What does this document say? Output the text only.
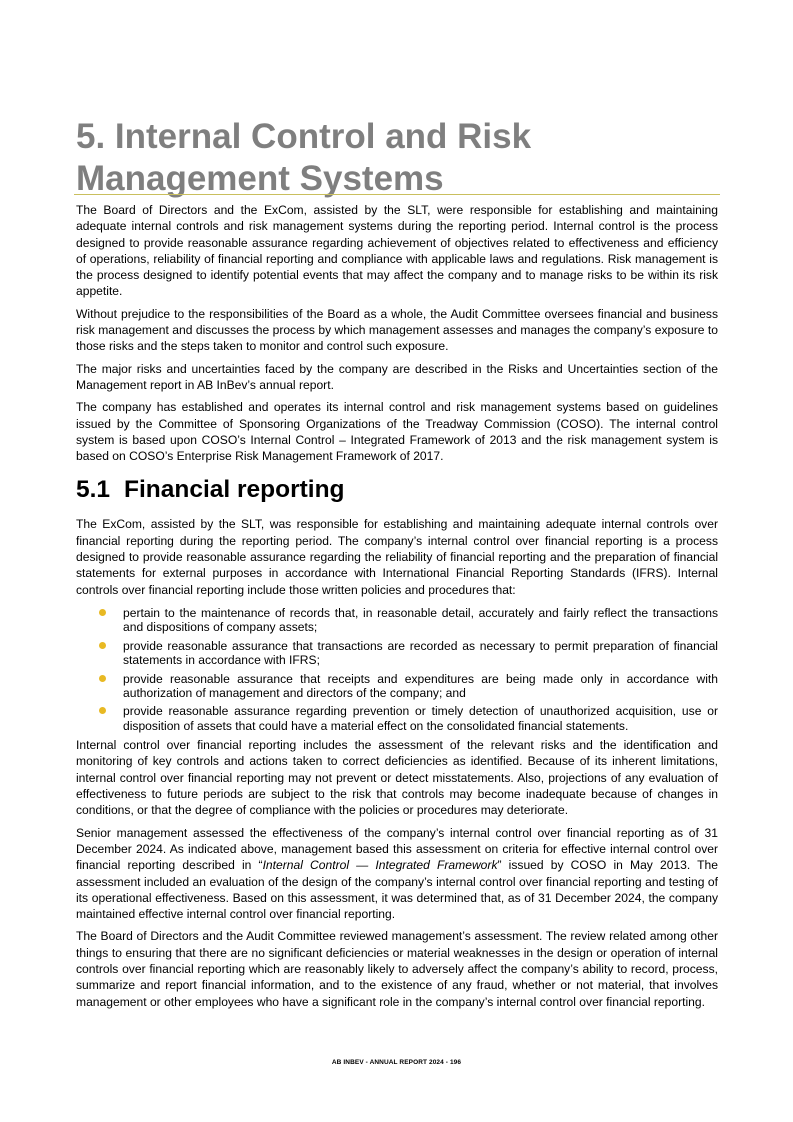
5. Internal Control and Risk
Management Systems

The Board of Directors and the ExCom, assisted by the SLT, were responsible for establishing and maintaining adequate internal controls and risk management systems during the reporting period. Internal control is the process designed to provide reasonable assurance regarding achievement of objectives related to effectiveness and efficiency of operations, reliability of financial reporting and compliance with applicable laws and regulations. Risk management is the process designed to identify potential events that may affect the company and to manage risks to be within its risk appetite.

Without prejudice to the responsibilities of the Board as a whole, the Audit Committee oversees financial and business risk management and discusses the process by which management assesses and manages the company’s exposure to those risks and the steps taken to monitor and control such exposure.

The major risks and uncertainties faced by the company are described in the Risks and Uncertainties section of the Management report in AB InBev’s annual report.

The company has established and operates its internal control and risk management systems based on guidelines issued by the Committee of Sponsoring Organizations of the Treadway Commission (COSO). The internal control system is based upon COSO’s Internal Control – Integrated Framework of 2013 and the risk management system is based on COSO’s Enterprise Risk Management Framework of 2017.

5.1 Financial reporting

The ExCom, assisted by the SLT, was responsible for establishing and maintaining adequate internal controls over financial reporting during the reporting period. The company’s internal control over financial reporting is a process designed to provide reasonable assurance regarding the reliability of financial reporting and the preparation of financial statements for external purposes in accordance with International Financial Reporting Standards (IFRS). Internal controls over financial reporting include those written policies and procedures that:

pertain to the maintenance of records that, in reasonable detail, accurately and fairly reflect the transactions and dispositions of company assets;
provide reasonable assurance that transactions are recorded as necessary to permit preparation of financial statements in accordance with IFRS;
provide reasonable assurance that receipts and expenditures are being made only in accordance with authorization of management and directors of the company; and
provide reasonable assurance regarding prevention or timely detection of unauthorized acquisition, use or disposition of assets that could have a material effect on the consolidated financial statements.

Internal control over financial reporting includes the assessment of the relevant risks and the identification and monitoring of key controls and actions taken to correct deficiencies as identified. Because of its inherent limitations, internal control over financial reporting may not prevent or detect misstatements. Also, projections of any evaluation of effectiveness to future periods are subject to the risk that controls may become inadequate because of changes in conditions, or that the degree of compliance with the policies or procedures may deteriorate.

Senior management assessed the effectiveness of the company’s internal control over financial reporting as of 31 December 2024. As indicated above, management based this assessment on criteria for effective internal control over financial reporting described in “Internal Control — Integrated Framework” issued by COSO in May 2013. The assessment included an evaluation of the design of the company’s internal control over financial reporting and testing of its operational effectiveness. Based on this assessment, it was determined that, as of 31 December 2024, the company maintained effective internal control over financial reporting.

The Board of Directors and the Audit Committee reviewed management’s assessment. The review related among other things to ensuring that there are no significant deficiencies or material weaknesses in the design or operation of internal controls over financial reporting which are reasonably likely to adversely affect the company’s ability to record, process, summarize and report financial information, and to the existence of any fraud, whether or not material, that involves management or other employees who have a significant role in the company’s internal control over financial reporting.

AB INBEV - ANNUAL REPORT 2024 - 196
